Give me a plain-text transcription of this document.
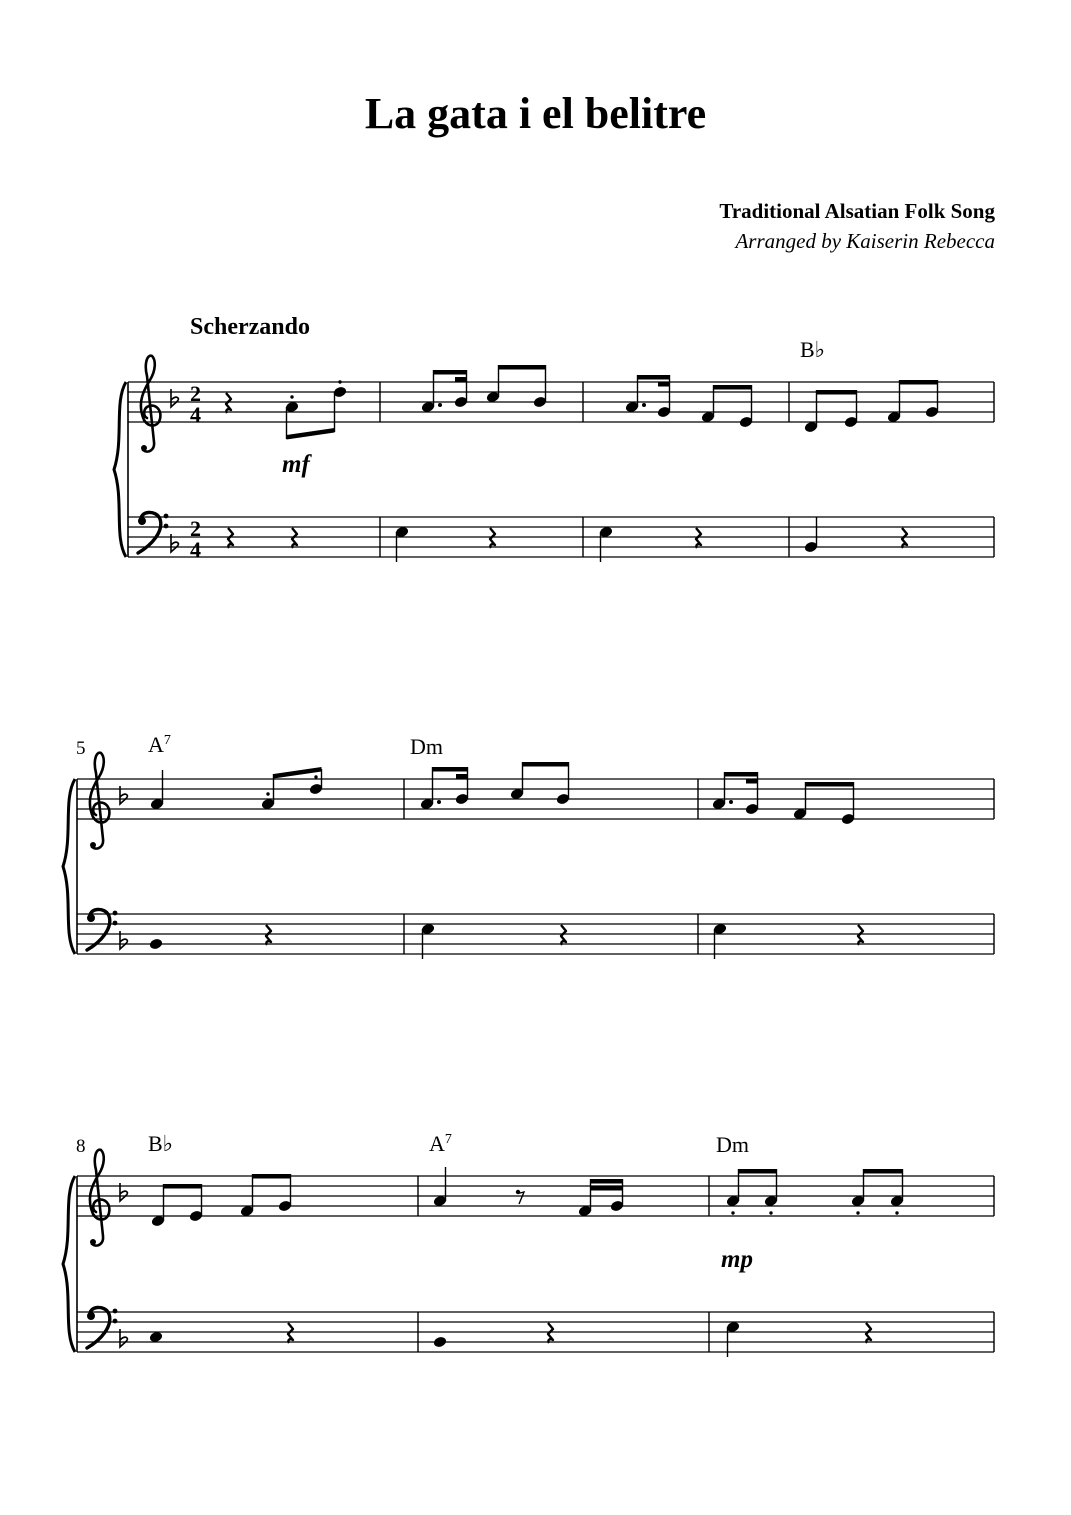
La gata i el belitre
Traditional Alsatian Folk Song
Arranged by Kaiserin Rebecca
Scherzando
2
4
2
4
B♭
$A^7$	Dm
B♭	$A^7$	Dm
5
8
mf
mp
